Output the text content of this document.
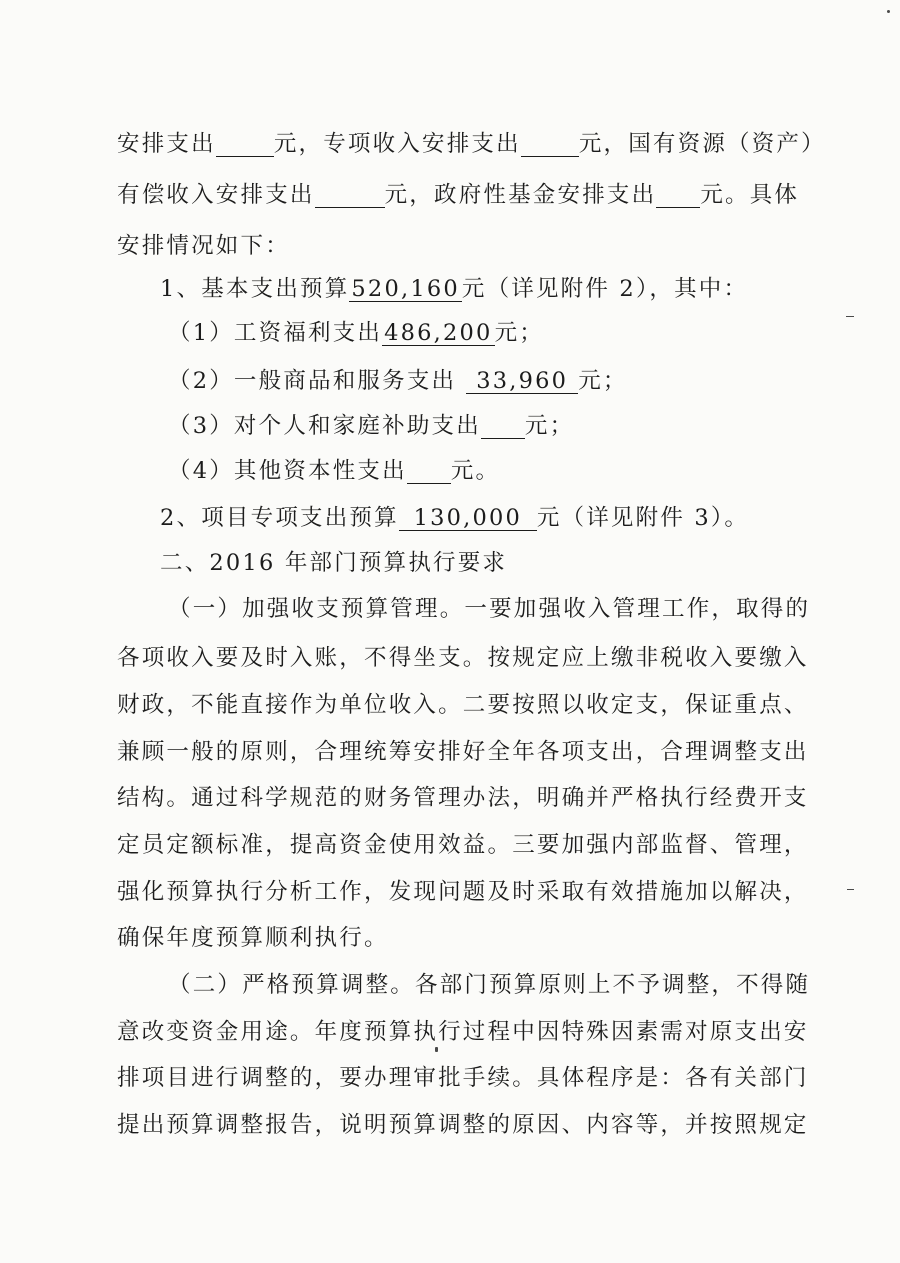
安排支出	元，专项收入安排支出	元，国有资源（资产）
有偿收入安排支出	元，政府性基金安排支出 元。具体
安排情况如下：
1、基本支出预算520,160元（详见附件 2），其中：
（1）工资福利支出486,200元；
（2）一般商品和服务支出 33,960 元；
（3）对个人和家庭补助支出 元；
（4）其他资本性支出 元。
2、项目专项支出预算 130,000 元（详见附件 3）。
二、2016 年部门预算执行要求
（一）加强收支预算管理。一要加强收入管理工作，取得的
各项收入要及时入账，不得坐支。按规定应上缴非税收入要缴入
财政，不能直接作为单位收入。二要按照以收定支，保证重点、
兼顾一般的原则，合理统筹安排好全年各项支出，合理调整支出
结构。通过科学规范的财务管理办法，明确并严格执行经费开支
定员定额标准，提高资金使用效益。三要加强内部监督、管理，
强化预算执行分析工作，发现问题及时采取有效措施加以解决，
确保年度预算顺利执行。
（二）严格预算调整。各部门预算原则上不予调整，不得随
意改变资金用途。年度预算执行过程中因特殊因素需对原支出安
排项目进行调整的，要办理审批手续。具体程序是：各有关部门
提出预算调整报告，说明预算调整的原因、内容等，并按照规定
